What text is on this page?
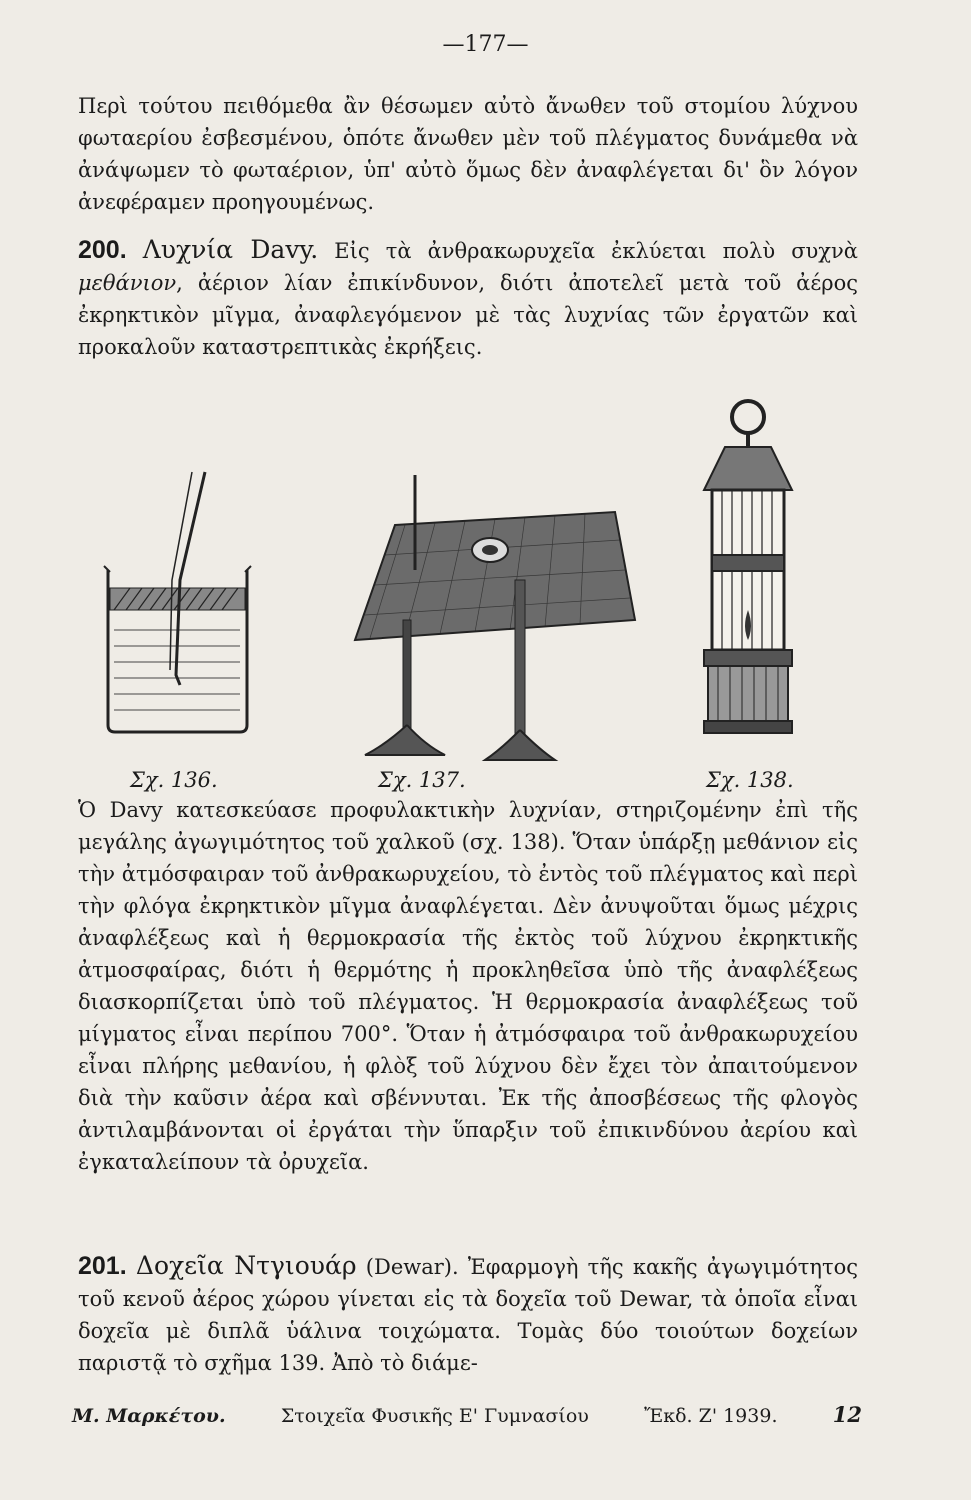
—177—

Περὶ τούτου πειθόμεθα ἂν θέσωμεν αὐτὸ ἄνωθεν τοῦ στομίου λύχνου φωταερίου ἐσβεσμένου, ὁπότε ἄνωθεν μὲν τοῦ πλέγματος δυνάμεθα νὰ ἀνάψωμεν τὸ φωταέριον, ὑπ' αὐτὸ ὅμως δὲν ἀναφλέγεται δι' ὃν λόγον ἀνεφέραμεν προηγουμένως.

200. Λυχνία Davy. Εἰς τὰ ἀνθρακωρυχεῖα ἐκλύεται πολὺ συχνὰ μεθάνιον, ἀέριον λίαν ἐπικίνδυνον, διότι ἀποτελεῖ μετὰ τοῦ ἀέρος ἐκρηκτικὸν μῖγμα, ἀναφλεγόμενον μὲ τὰς λυχνίας τῶν ἐργατῶν καὶ προκαλοῦν καταστρεπτικὰς ἐκρήξεις.

Σχ. 136.	Σχ. 137.	Σχ. 138.

Ὁ Davy κατεσκεύασε προφυλακτικὴν λυχνίαν, στηριζομένην ἐπὶ τῆς μεγάλης ἀγωγιμότητος τοῦ χαλκοῦ (σχ. 138). Ὅταν ὑπάρξῃ μεθάνιον εἰς τὴν ἀτμόσφαιραν τοῦ ἀνθρακωρυχείου, τὸ ἐντὸς τοῦ πλέγματος καὶ περὶ τὴν φλόγα ἐκρηκτικὸν μῖγμα ἀναφλέγεται. Δὲν ἀνυψοῦται ὅμως μέχρις ἀναφλέξεως καὶ ἡ θερμοκρασία τῆς ἐκτὸς τοῦ λύχνου ἐκρηκτικῆς ἀτμοσφαίρας, διότι ἡ θερμότης ἡ προκληθεῖσα ὑπὸ τῆς ἀναφλέξεως διασκορπίζεται ὑπὸ τοῦ πλέγματος. Ἡ θερμοκρασία ἀναφλέξεως τοῦ μίγματος εἶναι περίπου 700°. Ὅταν ἡ ἀτμόσφαιρα τοῦ ἀνθρακωρυχείου εἶναι πλήρης μεθανίου, ἡ φλὸξ τοῦ λύχνου δὲν ἔχει τὸν ἀπαιτούμενον διὰ τὴν καῦσιν ἀέρα καὶ σβέννυται. Ἐκ τῆς ἀποσβέσεως τῆς φλογὸς ἀντιλαμβάνονται οἱ ἐργάται τὴν ὕπαρξιν τοῦ ἐπικινδύνου ἀερίου καὶ ἐγκαταλείπουν τὰ ὀρυχεῖα.

201. Δοχεῖα Ντγιουάρ (Dewar). Ἐφαρμογὴ τῆς κακῆς ἀγωγιμότητος τοῦ κενοῦ ἀέρος χώρου γίνεται εἰς τὰ δοχεῖα τοῦ Dewar, τὰ ὁποῖα εἶναι δοχεῖα μὲ διπλᾶ ὑάλινα τοιχώματα. Τομὰς δύο τοιούτων δοχείων παριστᾷ τὸ σχῆμα 139. Ἀπὸ τὸ διάμε-

Μ. Μαρκέτου.	Στοιχεῖα Φυσικῆς Ε' Γυμνασίου	Ἔκδ. Ζ' 1939.	12
